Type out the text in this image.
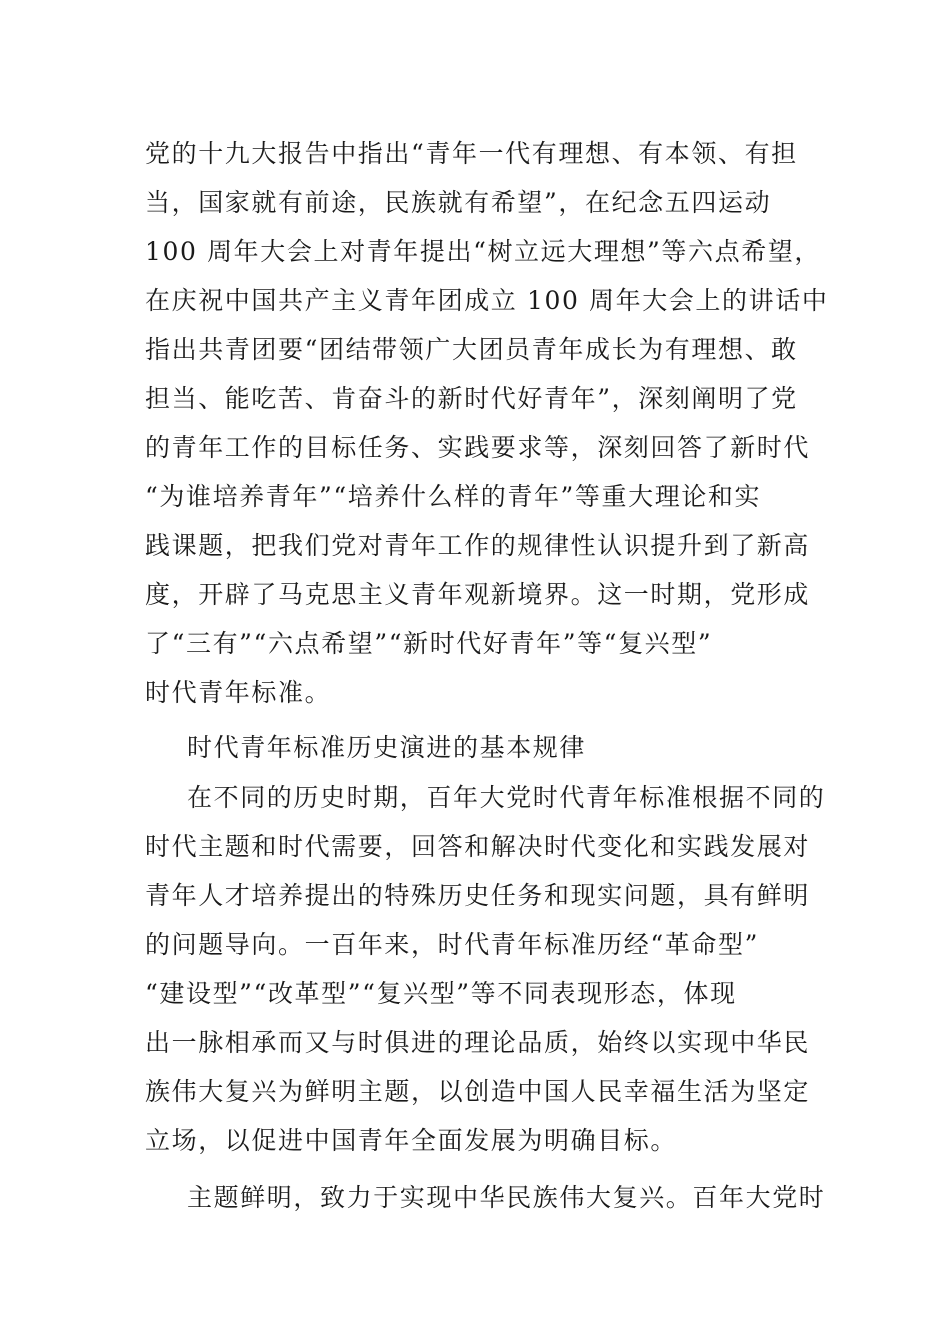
党的十九大报告中指出“青年一代有理想、有本领、有担
当，国家就有前途，民族就有希望”，在纪念五四运动
100 周年大会上对青年提出“树立远大理想”等六点希望，
在庆祝中国共产主义青年团成立 100 周年大会上的讲话中
指出共青团要“团结带领广大团员青年成长为有理想、敢
担当、能吃苦、肯奋斗的新时代好青年”，深刻阐明了党
的青年工作的目标任务、实践要求等，深刻回答了新时代
“为谁培养青年”“培养什么样的青年”等重大理论和实
践课题，把我们党对青年工作的规律性认识提升到了新高
度，开辟了马克思主义青年观新境界。这一时期，党形成
了“三有”“六点希望”“新时代好青年”等“复兴型”
时代青年标准。
时代青年标准历史演进的基本规律
在不同的历史时期，百年大党时代青年标准根据不同的
时代主题和时代需要，回答和解决时代变化和实践发展对
青年人才培养提出的特殊历史任务和现实问题，具有鲜明
的问题导向。一百年来，时代青年标准历经“革命型”
“建设型”“改革型”“复兴型”等不同表现形态，体现
出一脉相承而又与时俱进的理论品质，始终以实现中华民
族伟大复兴为鲜明主题，以创造中国人民幸福生活为坚定
立场，以促进中国青年全面发展为明确目标。
主题鲜明，致力于实现中华民族伟大复兴。百年大党时
